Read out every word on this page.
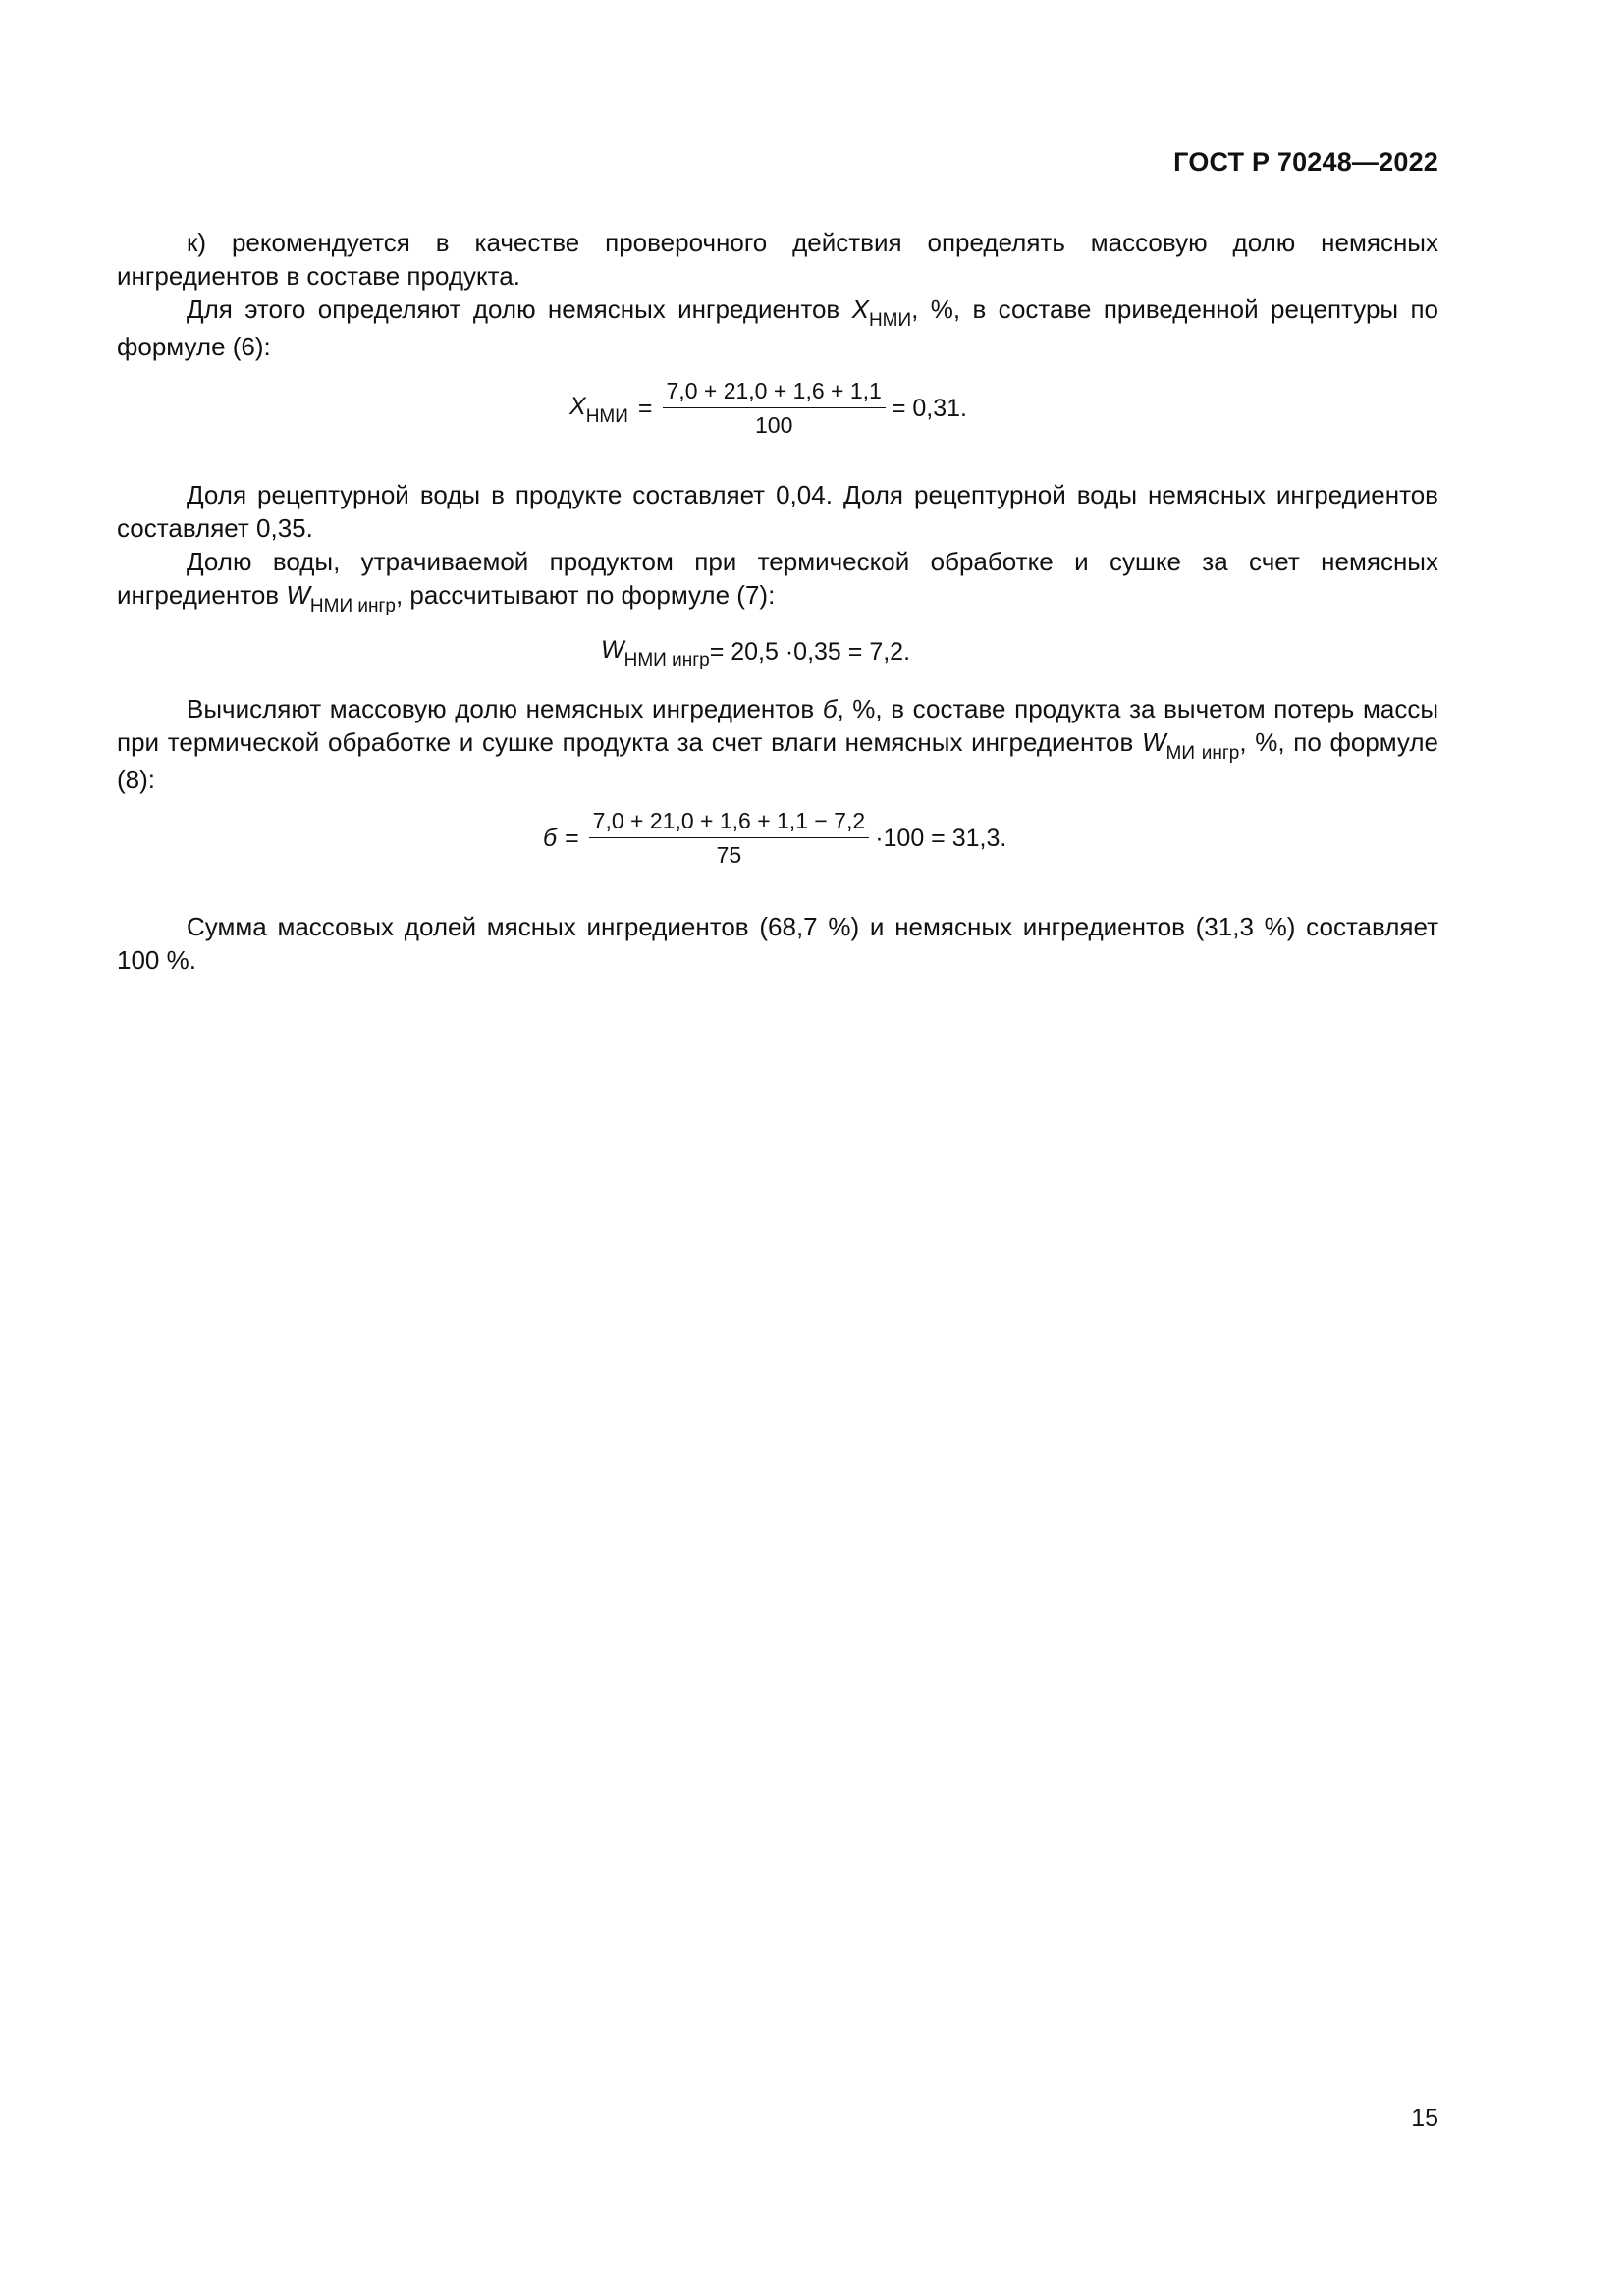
ГОСТ Р 70248—2022

к) рекомендуется в качестве проверочного действия определять массовую долю немясных ингредиентов в составе продукта.

Для этого определяют долю немясных ингредиентов $X_{НМИ}$, %, в составе приведенной рецептуры по формуле (6):

$X_{НМИ} = \frac{7,0 + 21,0 + 1,6 + 1,1}{100} = 0,31$.

Доля рецептурной воды в продукте составляет 0,04. Доля рецептурной воды немясных ингредиентов составляет 0,35.

Долю воды, утрачиваемой продуктом при термической обработке и сушке за счет немясных ингредиентов $W_{НМИ ингр}$, рассчитывают по формуле (7):

$W_{НМИ ингр} = 20,5 \cdot 0,35 = 7,2$.

Вычисляют массовую долю немясных ингредиентов б, %, в составе продукта за вычетом потерь массы при термической обработке и сушке продукта за счет влаги немясных ингредиентов $W_{МИ ингр}$, %, по формуле (8):

$б = \frac{7,0 + 21,0 + 1,6 + 1,1 - 7,2}{75} \cdot 100 = 31,3$.

Сумма массовых долей мясных ингредиентов (68,7 %) и немясных ингредиентов (31,3 %) составляет 100 %.

15
